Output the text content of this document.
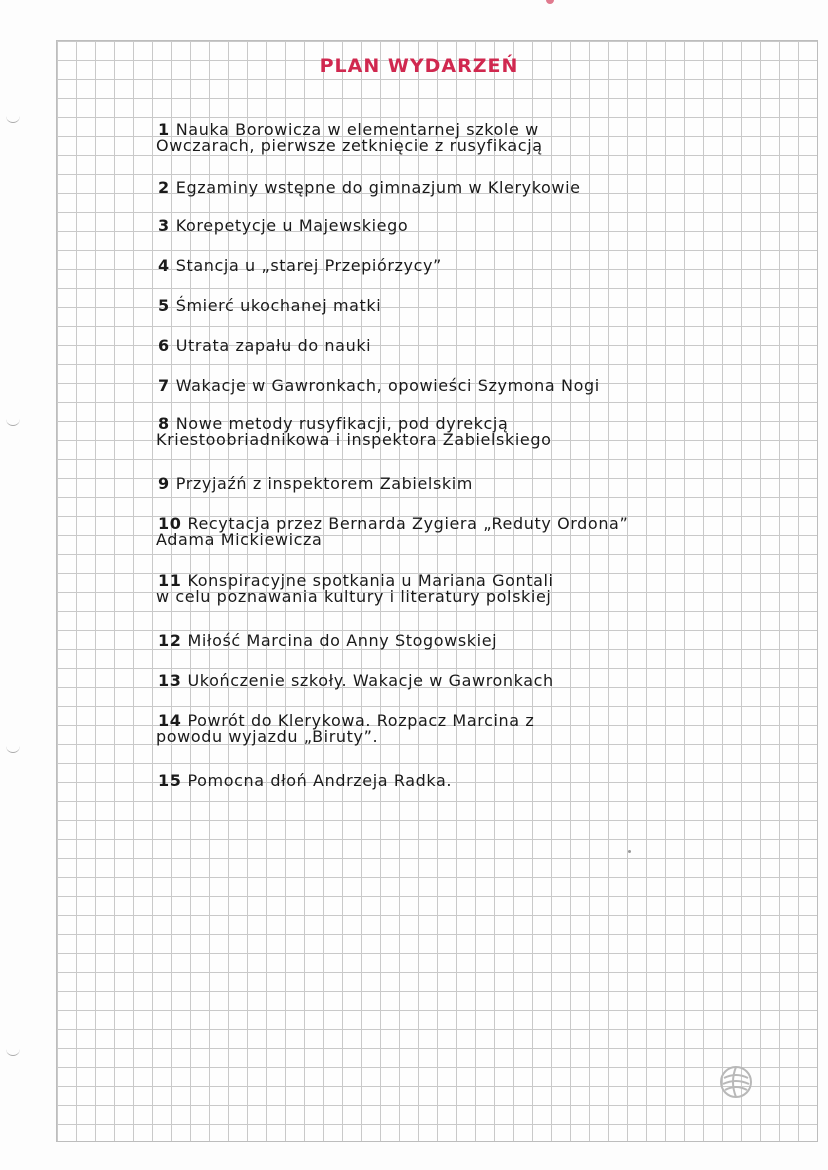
PLAN WYDARZEŃ
1 Nauka Borowicza w elementarnej szkole w
Owczarach, pierwsze zetknięcie z rusyfikacją
2 Egzaminy wstępne do gimnazjum w Klerykowie
3 Korepetycje u Majewskiego
4 Stancja u „starej Przepiórzycy”
5 Śmierć ukochanej matki
6 Utrata zapału do nauki
7 Wakacje w Gawronkach, opowieści Szymona Nogi
8 Nowe metody rusyfikacji, pod dyrekcją
Kriestoobriadnikowa i inspektora Zabielskiego
9 Przyjaźń z inspektorem Zabielskim
10 Recytacja przez Bernarda Zygiera „Reduty Ordona”
Adama Mickiewicza
11 Konspiracyjne spotkania u Mariana Gontali
w celu poznawania kultury i literatury polskiej
12 Miłość Marcina do Anny Stogowskiej
13 Ukończenie szkoły. Wakacje w Gawronkach
14 Powrót do Klerykowa. Rozpacz Marcina z
powodu wyjazdu „Biruty”.
15 Pomocna dłoń Andrzeja Radka.
